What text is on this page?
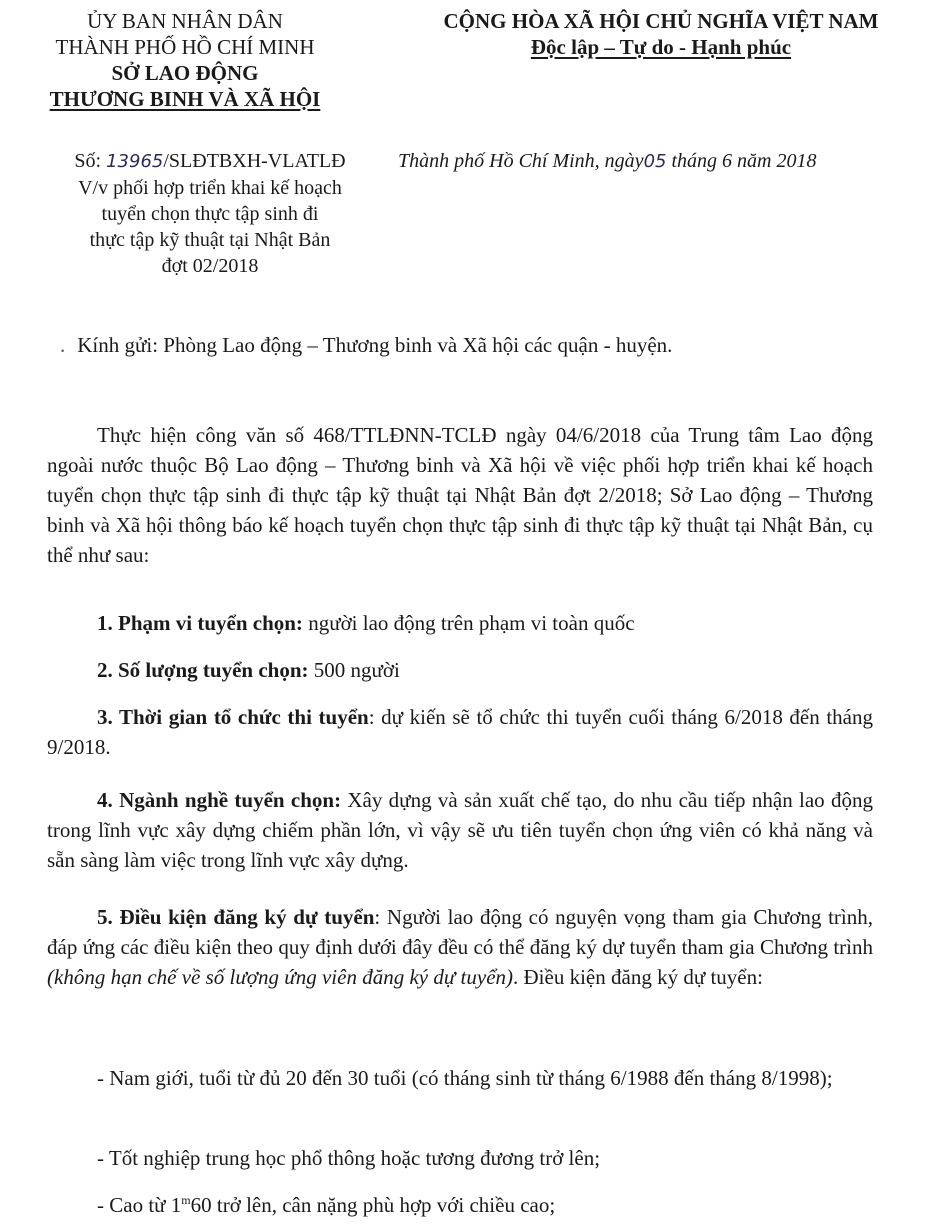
ỦY BAN NHÂN DÂN
THÀNH PHỐ HỒ CHÍ MINH
SỞ LAO ĐỘNG
THƯƠNG BINH VÀ XÃ HỘI
CỘNG HÒA XÃ HỘI CHỦ NGHĨA VIỆT NAM
Độc lập – Tự do - Hạnh phúc
Số: 13965/SLĐTBXH-VLATLĐ
V/v phối hợp triển khai kế hoạch
tuyển chọn thực tập sinh đi
thực tập kỹ thuật tại Nhật Bản
đợt 02/2018
Thành phố Hồ Chí Minh, ngày05 tháng 6 năm 2018
. Kính gửi: Phòng Lao động – Thương binh và Xã hội các quận - huyện.
Thực hiện công văn số 468/TTLĐNN-TCLĐ ngày 04/6/2018 của Trung tâm Lao động ngoài nước thuộc Bộ Lao động – Thương binh và Xã hội về việc phối hợp triển khai kế hoạch tuyển chọn thực tập sinh đi thực tập kỹ thuật tại Nhật Bản đợt 2/2018; Sở Lao động – Thương binh và Xã hội thông báo kế hoạch tuyển chọn thực tập sinh đi thực tập kỹ thuật tại Nhật Bản, cụ thể như sau:
1. Phạm vi tuyển chọn: người lao động trên phạm vi toàn quốc
2. Số lượng tuyển chọn: 500 người
3. Thời gian tổ chức thi tuyển: dự kiến sẽ tổ chức thi tuyển cuối tháng 6/2018 đến tháng 9/2018.
4. Ngành nghề tuyển chọn: Xây dựng và sản xuất chế tạo, do nhu cầu tiếp nhận lao động trong lĩnh vực xây dựng chiếm phần lớn, vì vậy sẽ ưu tiên tuyển chọn ứng viên có khả năng và sẵn sàng làm việc trong lĩnh vực xây dựng.
5. Điều kiện đăng ký dự tuyển: Người lao động có nguyện vọng tham gia Chương trình, đáp ứng các điều kiện theo quy định dưới đây đều có thể đăng ký dự tuyển tham gia Chương trình (không hạn chế về số lượng ứng viên đăng ký dự tuyển). Điều kiện đăng ký dự tuyển:
- Nam giới, tuổi từ đủ 20 đến 30 tuổi (có tháng sinh từ tháng 6/1988 đến tháng 8/1998);
- Tốt nghiệp trung học phổ thông hoặc tương đương trở lên;
- Cao từ 1$^m$60 trở lên, cân nặng phù hợp với chiều cao;
